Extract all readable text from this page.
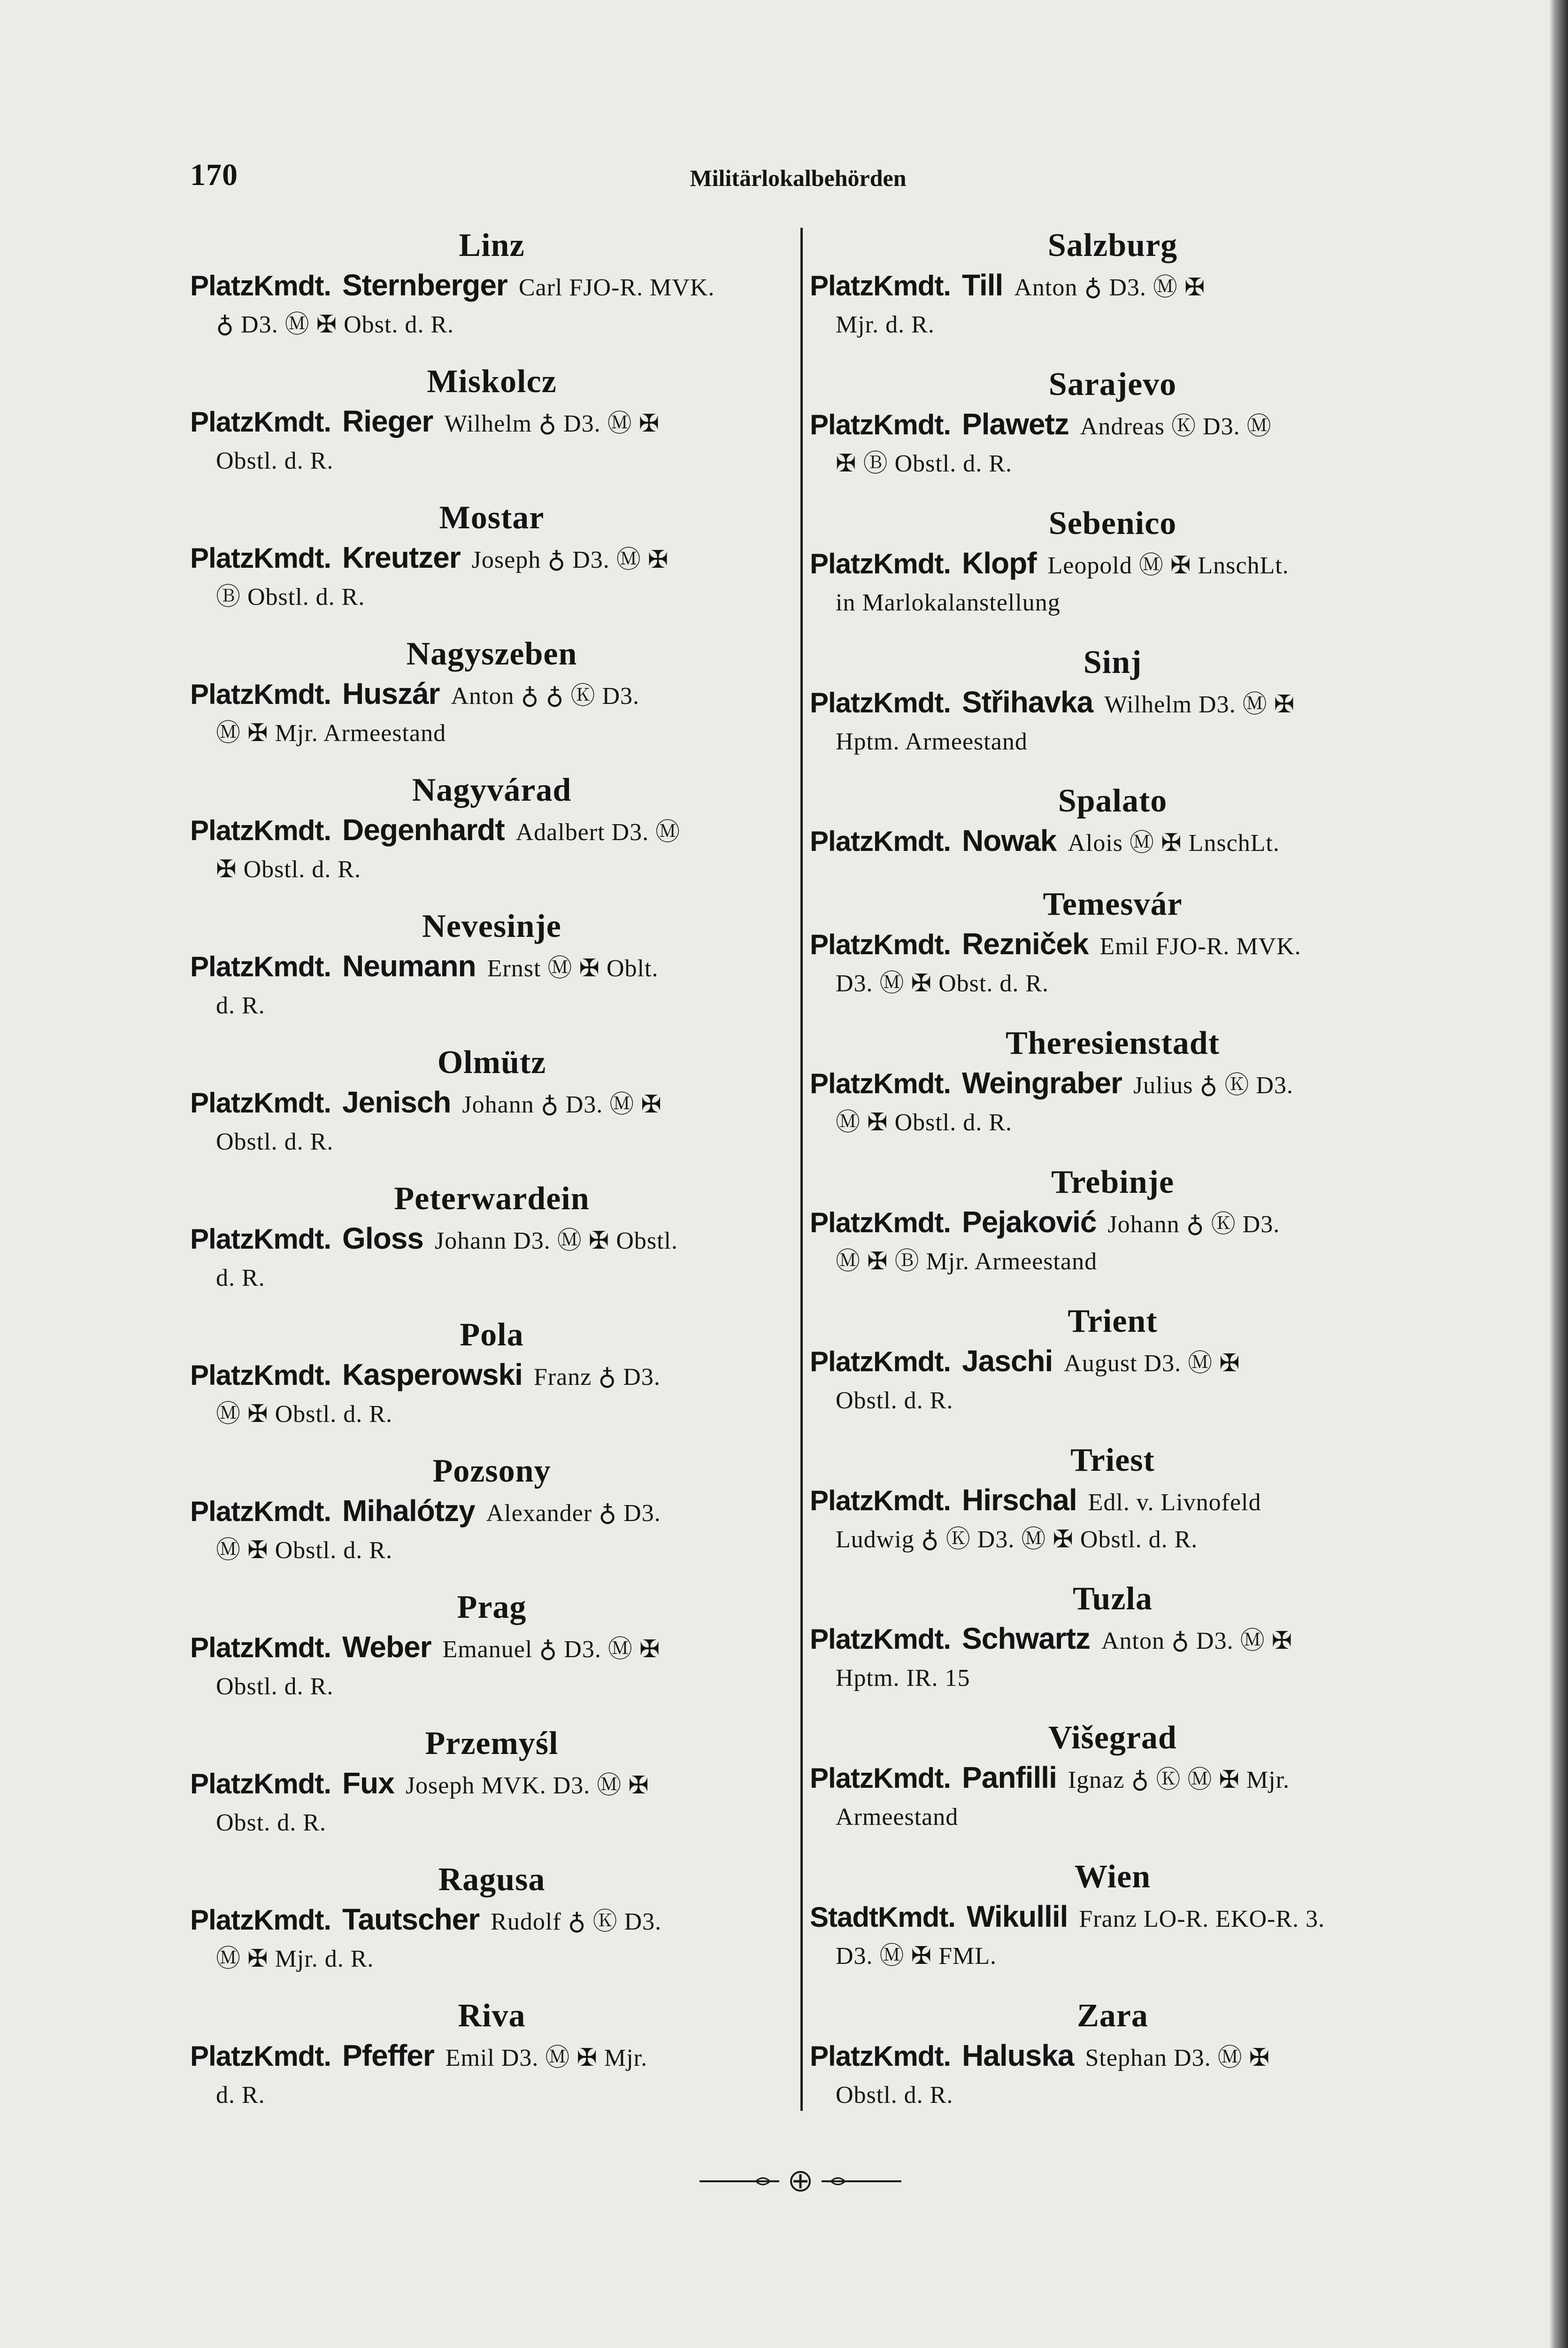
170	Militärlokalbehörden
Linz
PlatzKmdt. Sternberger Carl FJO-R. MVK.
♁ D3. Ⓜ ✠ Obst. d. R.
Miskolcz
PlatzKmdt. Rieger Wilhelm ♁ D3. Ⓜ ✠
Obstl. d. R.
Mostar
PlatzKmdt. Kreutzer Joseph ♁ D3. Ⓜ ✠
Ⓑ Obstl. d. R.
Nagyszeben
PlatzKmdt. Huszár Anton ♁ ♁ Ⓚ D3.
Ⓜ ✠ Mjr. Armeestand
Nagyvárad
PlatzKmdt. Degenhardt Adalbert D3. Ⓜ
✠ Obstl. d. R.
Nevesinje
PlatzKmdt. Neumann Ernst Ⓜ ✠ Oblt.
d. R.
Olmütz
PlatzKmdt. Jenisch Johann ♁ D3. Ⓜ ✠
Obstl. d. R.
Peterwardein
PlatzKmdt. Gloss Johann D3. Ⓜ ✠ Obstl.
d. R.
Pola
PlatzKmdt. Kasperowski Franz ♁ D3.
Ⓜ ✠ Obstl. d. R.
Pozsony
PlatzKmdt. Mihalótzy Alexander ♁ D3.
Ⓜ ✠ Obstl. d. R.
Prag
PlatzKmdt. Weber Emanuel ♁ D3. Ⓜ ✠
Obstl. d. R.
Przemyśl
PlatzKmdt. Fux Joseph MVK. D3. Ⓜ ✠
Obst. d. R.
Ragusa
PlatzKmdt. Tautscher Rudolf ♁ Ⓚ D3.
Ⓜ ✠ Mjr. d. R.
Riva
PlatzKmdt. Pfeffer Emil D3. Ⓜ ✠ Mjr.
d. R.
Salzburg
PlatzKmdt. Till Anton ♁ D3. Ⓜ ✠
Mjr. d. R.
Sarajevo
PlatzKmdt. Plawetz Andreas Ⓚ D3. Ⓜ
✠ Ⓑ Obstl. d. R.
Sebenico
PlatzKmdt. Klopf Leopold Ⓜ ✠ LnschLt.
in Marlokalanstellung
Sinj
PlatzKmdt. Střihavka Wilhelm D3. Ⓜ ✠
Hptm. Armeestand
Spalato
PlatzKmdt. Nowak Alois Ⓜ ✠ LnschLt.
Temesvár
PlatzKmdt. Rezniček Emil FJO-R. MVK.
D3. Ⓜ ✠ Obst. d. R.
Theresienstadt
PlatzKmdt. Weingraber Julius ♁ Ⓚ D3.
Ⓜ ✠ Obstl. d. R.
Trebinje
PlatzKmdt. Pejaković Johann ♁ Ⓚ D3.
Ⓜ ✠ Ⓑ Mjr. Armeestand
Trient
PlatzKmdt. Jaschi August D3. Ⓜ ✠
Obstl. d. R.
Triest
PlatzKmdt. Hirschal Edl. v. Livnofeld
Ludwig ♁ Ⓚ D3. Ⓜ ✠ Obstl. d. R.
Tuzla
PlatzKmdt. Schwartz Anton ♁ D3. Ⓜ ✠
Hptm. IR. 15
Višegrad
PlatzKmdt. Panfilli Ignaz ♁ Ⓚ Ⓜ ✠ Mjr.
Armeestand
Wien
StadtKmdt. Wikullil Franz LO-R. EKO-R. 3.
D3. Ⓜ ✠ FML.
Zara
PlatzKmdt. Haluska Stephan D3. Ⓜ ✠
Obstl. d. R.
